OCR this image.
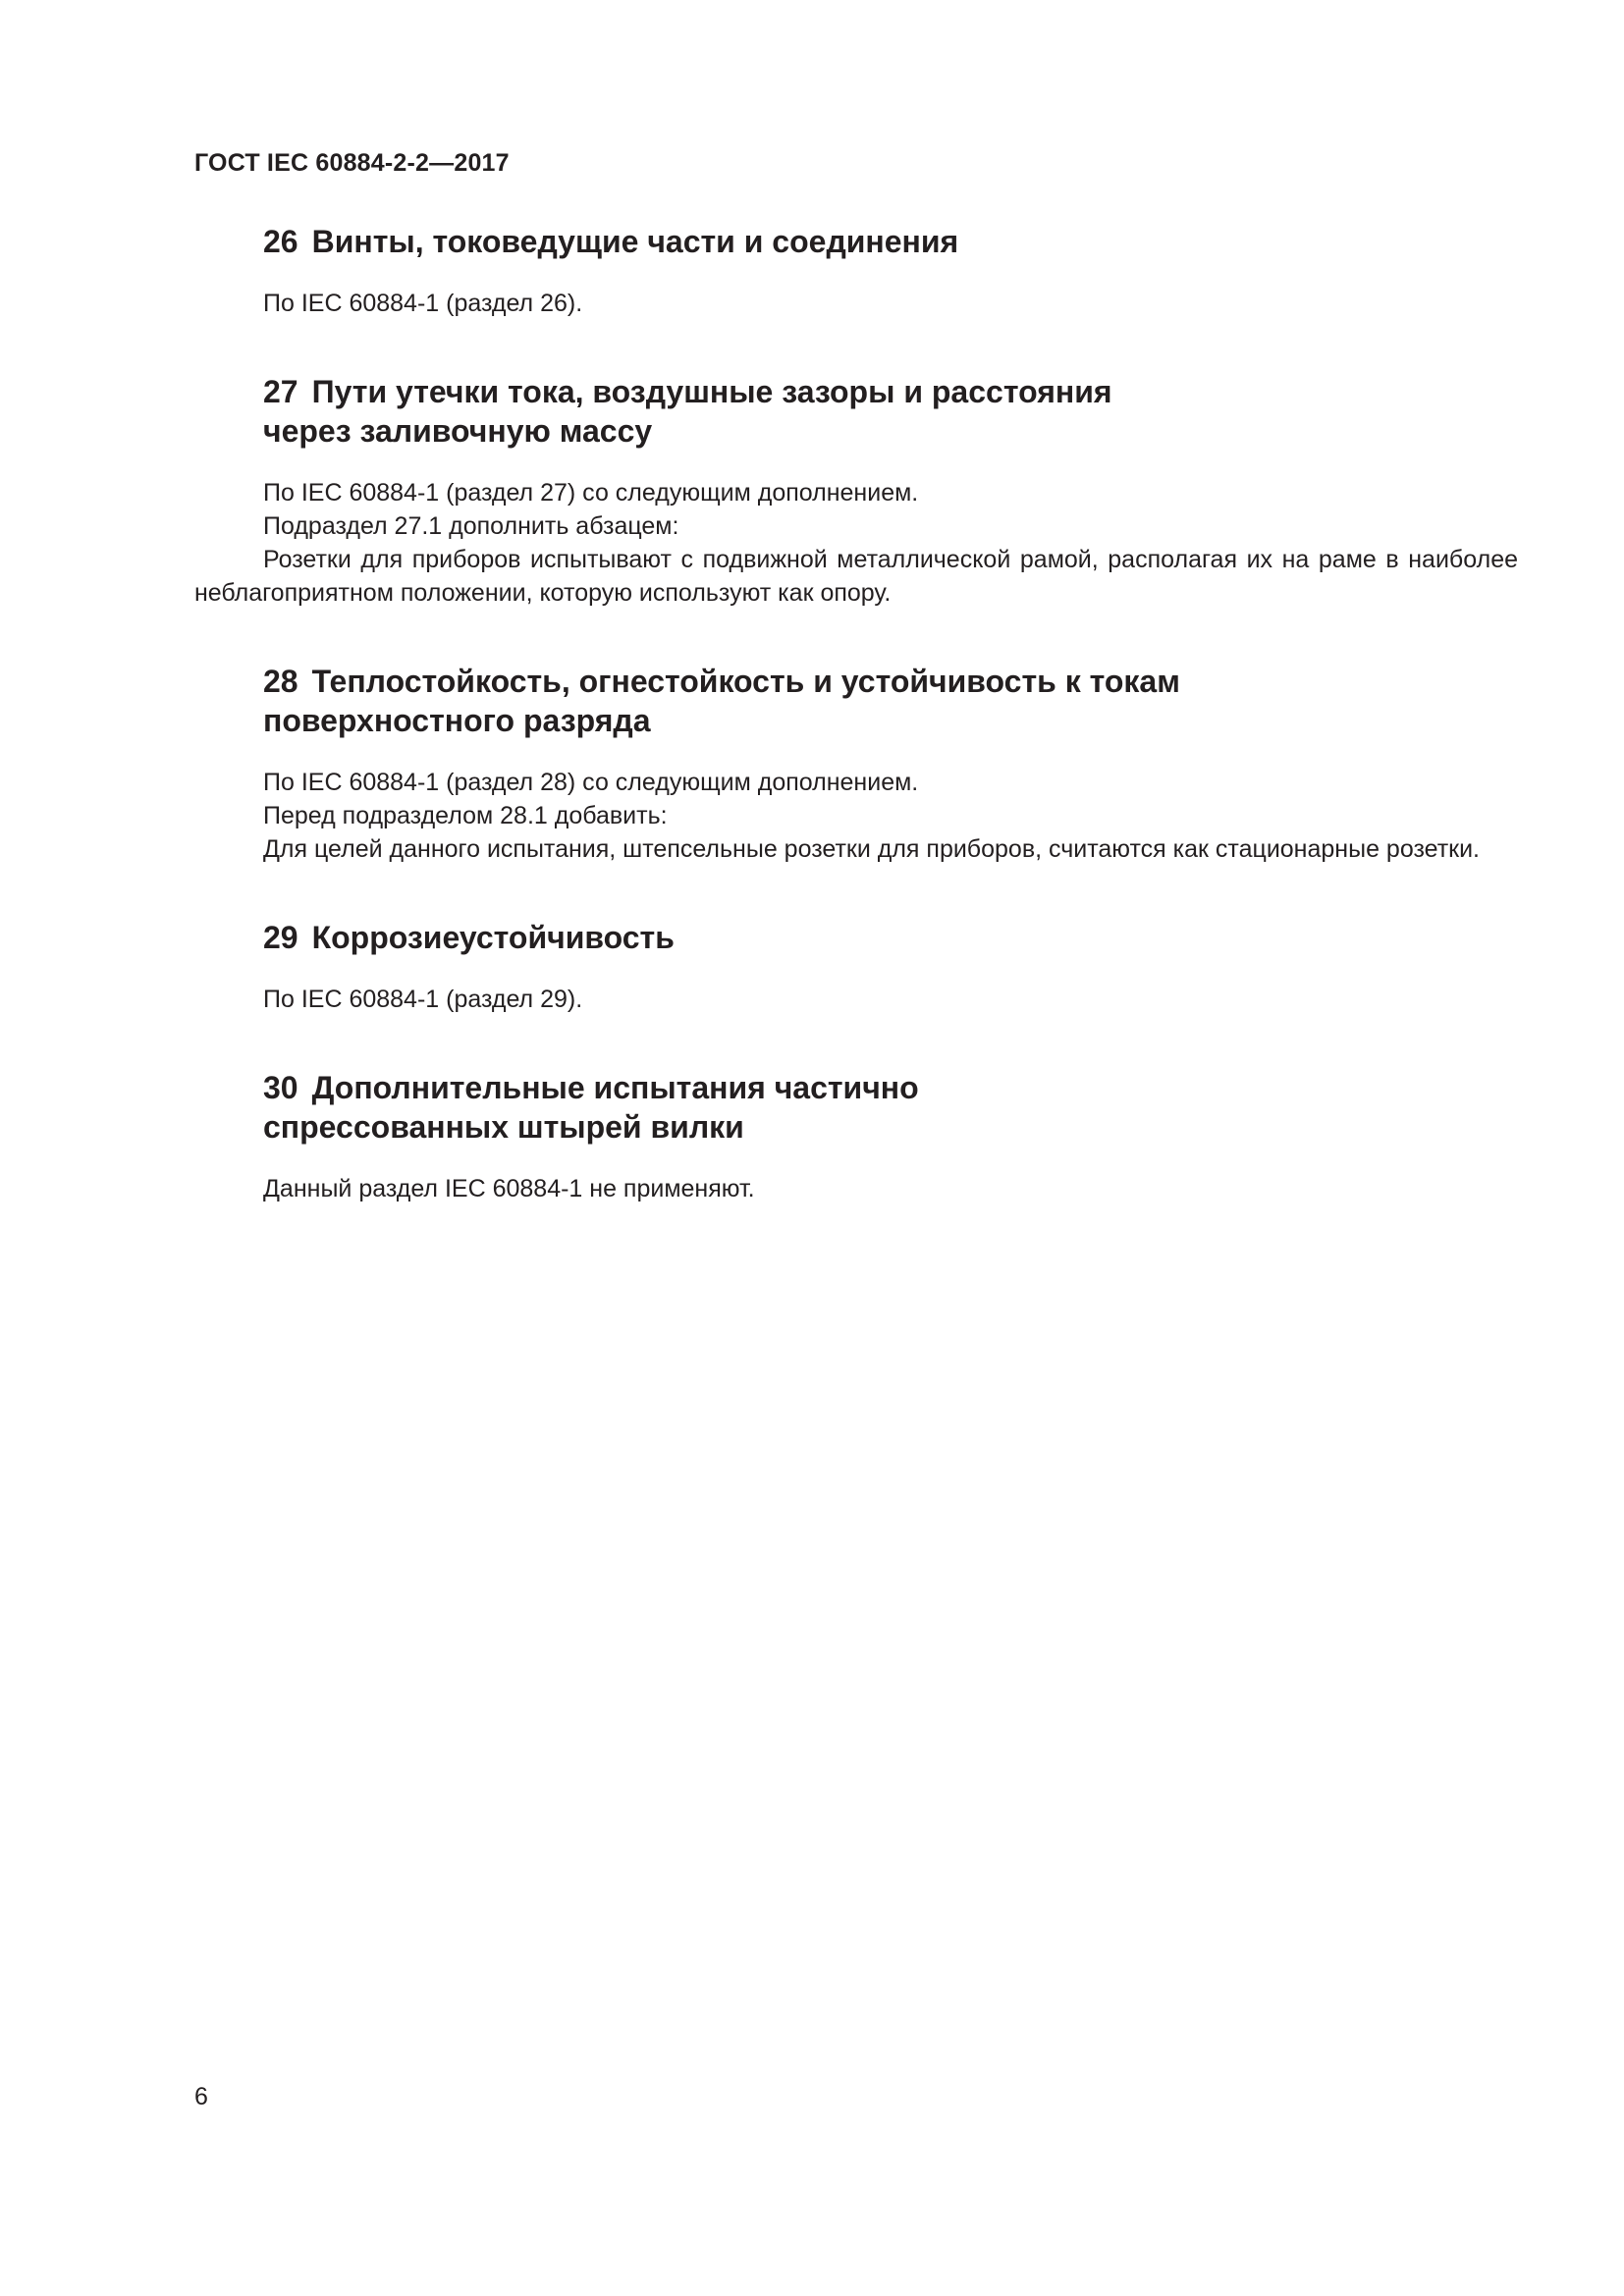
ГОСТ IEC 60884-2-2—2017
26 Винты, токоведущие части и соединения

По IEC 60884-1 (раздел 26).

27 Пути утечки тока, воздушные зазоры и расстояния
через заливочную массу

По IEC 60884-1 (раздел 27) со следующим дополнением.

Подраздел 27.1 дополнить абзацем:

Розетки для приборов испытывают с подвижной металлической рамой, располагая их на раме в наиболее неблагоприятном положении, которую используют как опору.

28 Теплостойкость, огнестойкость и устойчивость к токам
поверхностного разряда

По IEC 60884-1 (раздел 28) со следующим дополнением.

Перед подразделом 28.1 добавить:

Для целей данного испытания, штепсельные розетки для приборов, считаются как стационарные розетки.

29 Коррозиеустойчивость

По IEC 60884-1 (раздел 29).

30 Дополнительные испытания частично
спрессованных штырей вилки

Данный раздел IEC 60884-1 не применяют.

6
